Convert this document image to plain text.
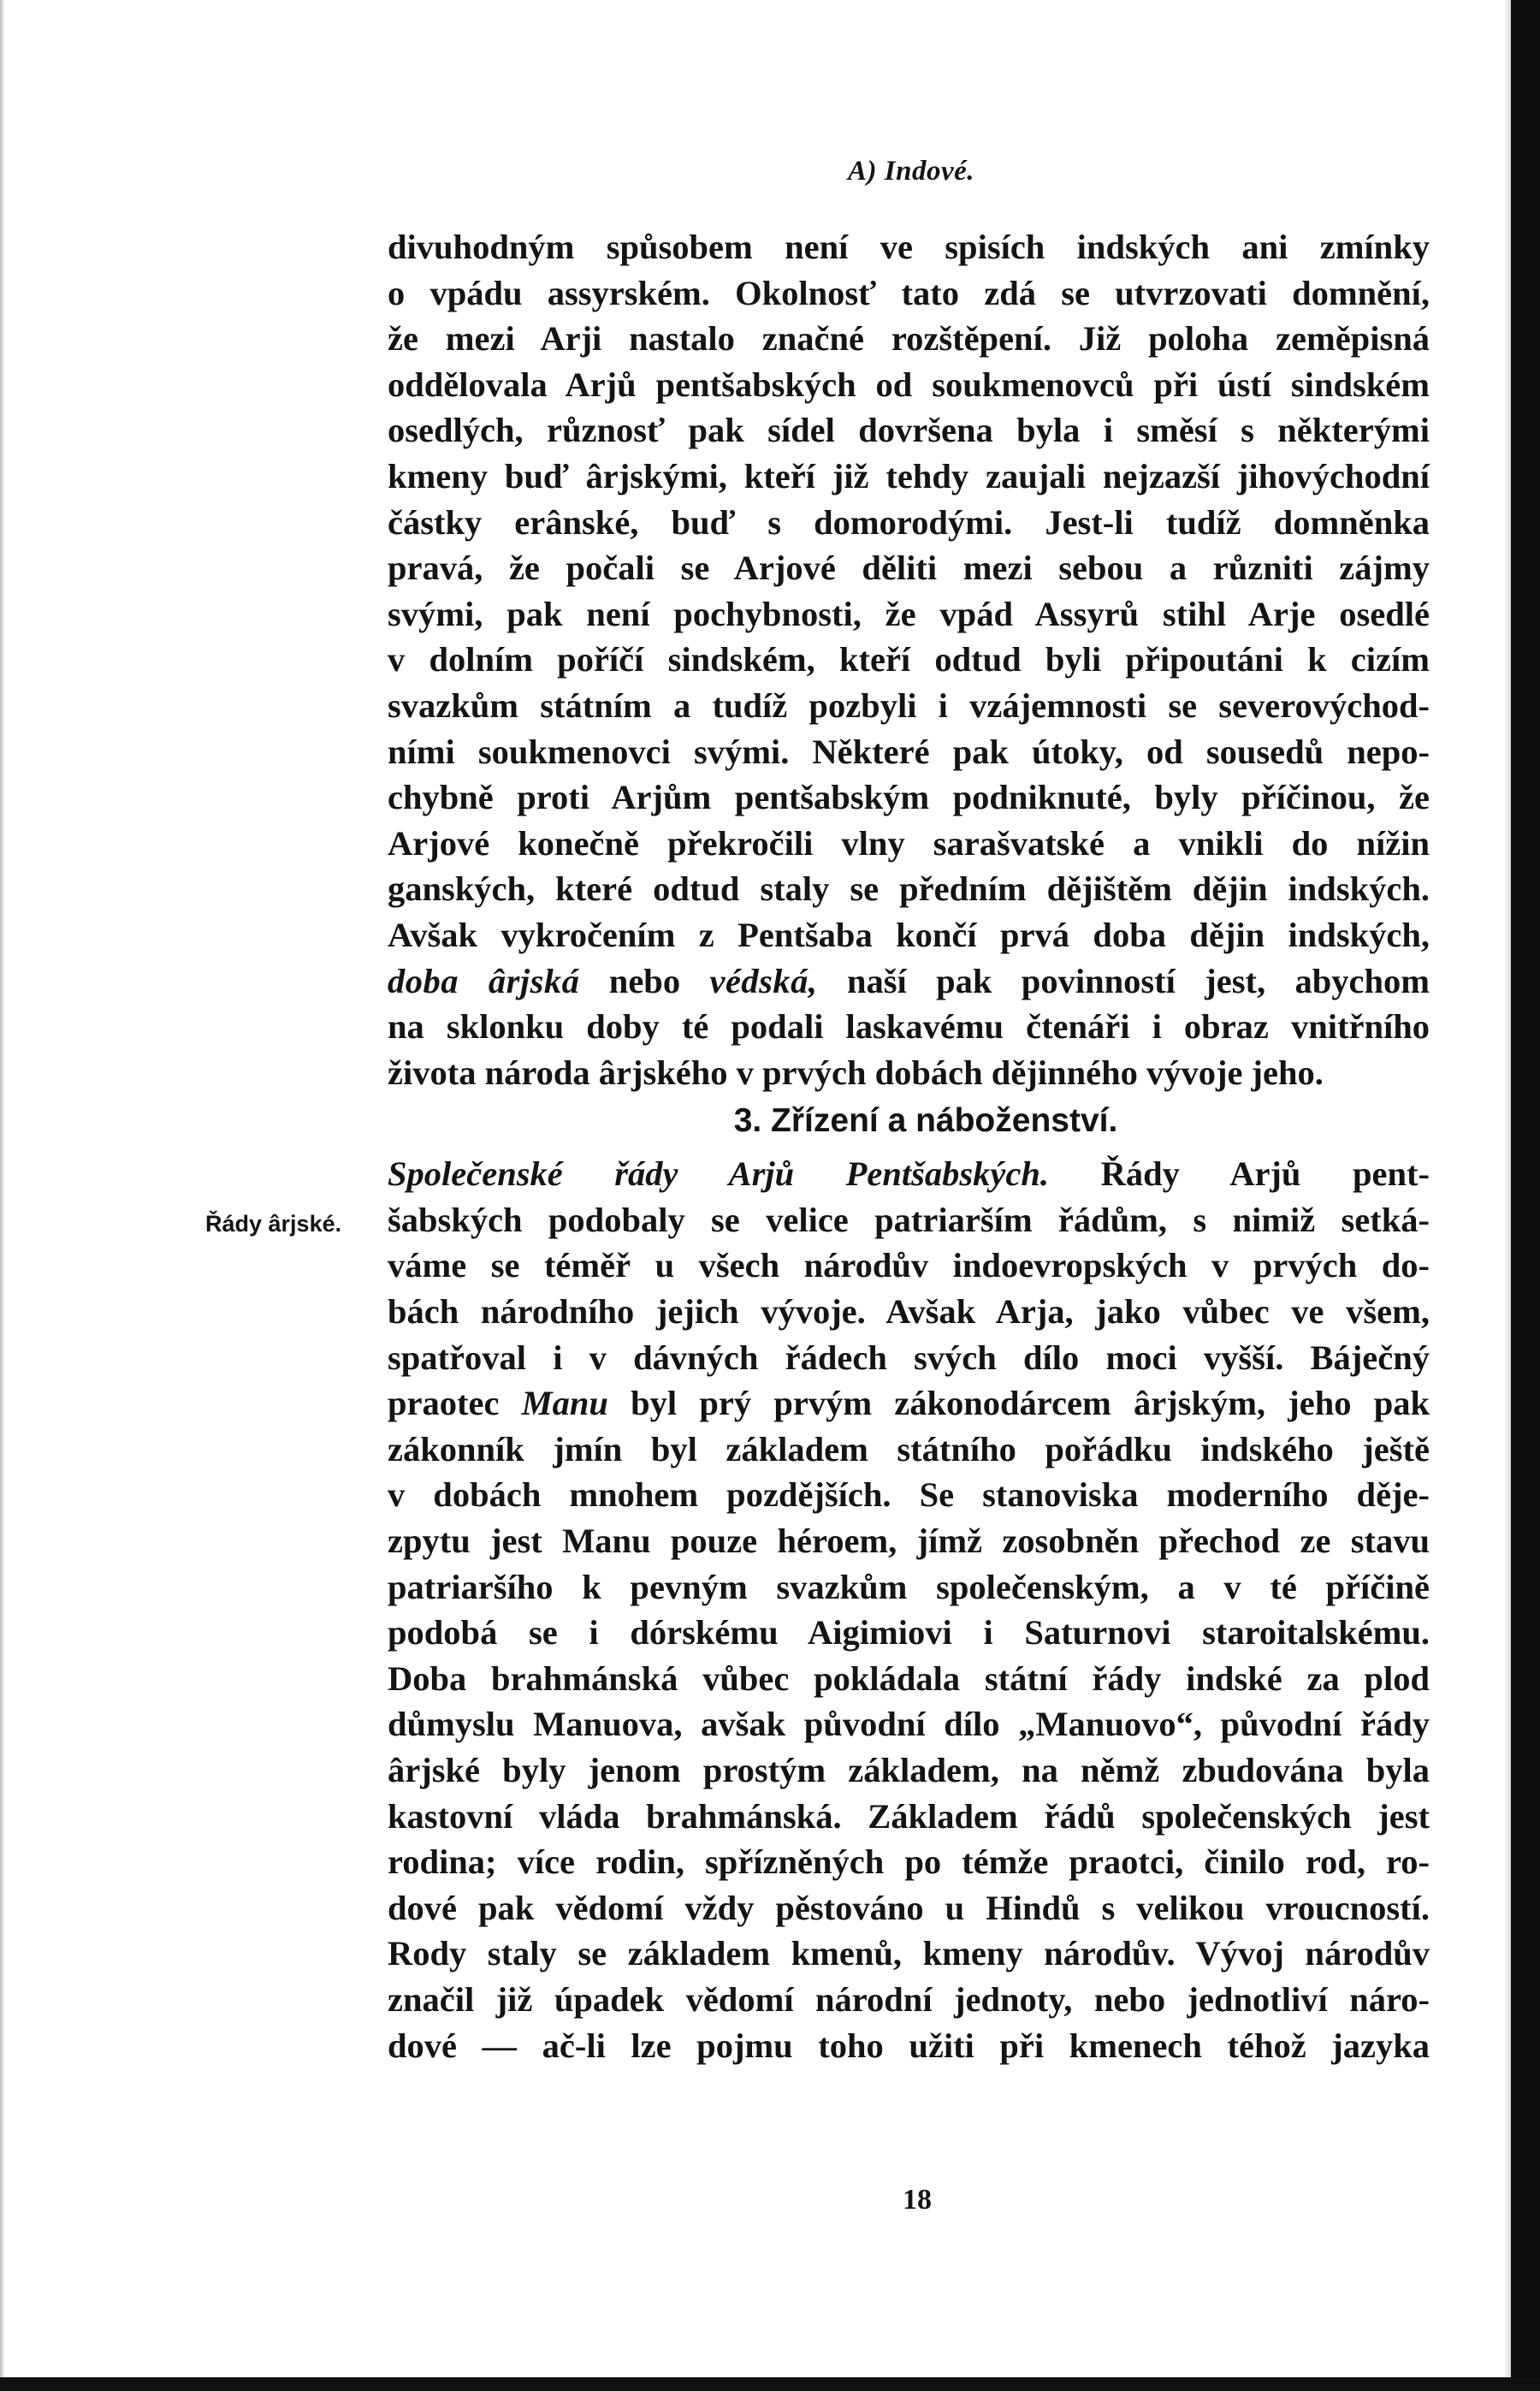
A) Indové.
divuhodným spůsobem není ve spisích indských ani zmínky
o vpádu assyrském. Okolnosť tato zdá se utvrzovati domnění,
že mezi Arji nastalo značné rozštěpení. Již poloha zeměpisná
oddělovala Arjů pentšabských od soukmenovců při ústí sindském
osedlých, různosť pak sídel dovršena byla i směsí s některými
kmeny buď ârjskými, kteří již tehdy zaujali nejzazší jihovýchodní
částky erânské, buď s domorodými. Jest-li tudíž domněnka
pravá, že počali se Arjové děliti mezi sebou a různiti zájmy
svými, pak není pochybnosti, že vpád Assyrů stihl Arje osedlé
v dolním poříčí sindském, kteří odtud byli připoutáni k cizím
svazkům státním a tudíž pozbyli i vzájemnosti se severovýchod-
ními soukmenovci svými. Některé pak útoky, od sousedů nepo-
chybně proti Arjům pentšabským podniknuté, byly příčinou, že
Arjové konečně překročili vlny sarašvatské a vnikli do nížin
ganských, které odtud staly se předním dějištěm dějin indských.
Avšak vykročením z Pentšaba končí prvá doba dějin indských,
doba ârjská nebo védská, naší pak povinností jest, abychom
na sklonku doby té podali laskavému čtenáři i obraz vnitřního
života národa ârjského v prvých dobách dějinného vývoje jeho.
3. Zřízení a náboženství.
Společenské řády Arjů Pentšabských. Řády Arjů pent-
šabských podobaly se velice patriarším řádům, s nimiž setká-
váme se téměř u všech národův indoevropských v prvých do-
bách národního jejich vývoje. Avšak Arja, jako vůbec ve všem,
spatřoval i v dávných řádech svých dílo moci vyšší. Báječný
praotec Manu byl prý prvým zákonodárcem ârjským, jeho pak
zákonník jmín byl základem státního pořádku indského ještě
v dobách mnohem pozdějších. Se stanoviska moderního děje-
zpytu jest Manu pouze héroem, jímž zosobněn přechod ze stavu
patriaršího k pevným svazkům společenským, a v té příčině
podobá se i dórskému Aigimiovi i Saturnovi staroitalskému.
Doba brahmánská vůbec pokládala státní řády indské za plod
důmyslu Manuova, avšak původní dílo „Manuovo“, původní řády
ârjské byly jenom prostým základem, na němž zbudována byla
kastovní vláda brahmánská. Základem řádů společenských jest
rodina; více rodin, spřízněných po témže praotci, činilo rod, ro-
dové pak vědomí vždy pěstováno u Hindů s velikou vroucností.
Rody staly se základem kmenů, kmeny národův. Vývoj národův
značil již úpadek vědomí národní jednoty, nebo jednotliví náro-
dové — ač-li lze pojmu toho užiti při kmenech téhož jazyka
Řády ârjské.
18
